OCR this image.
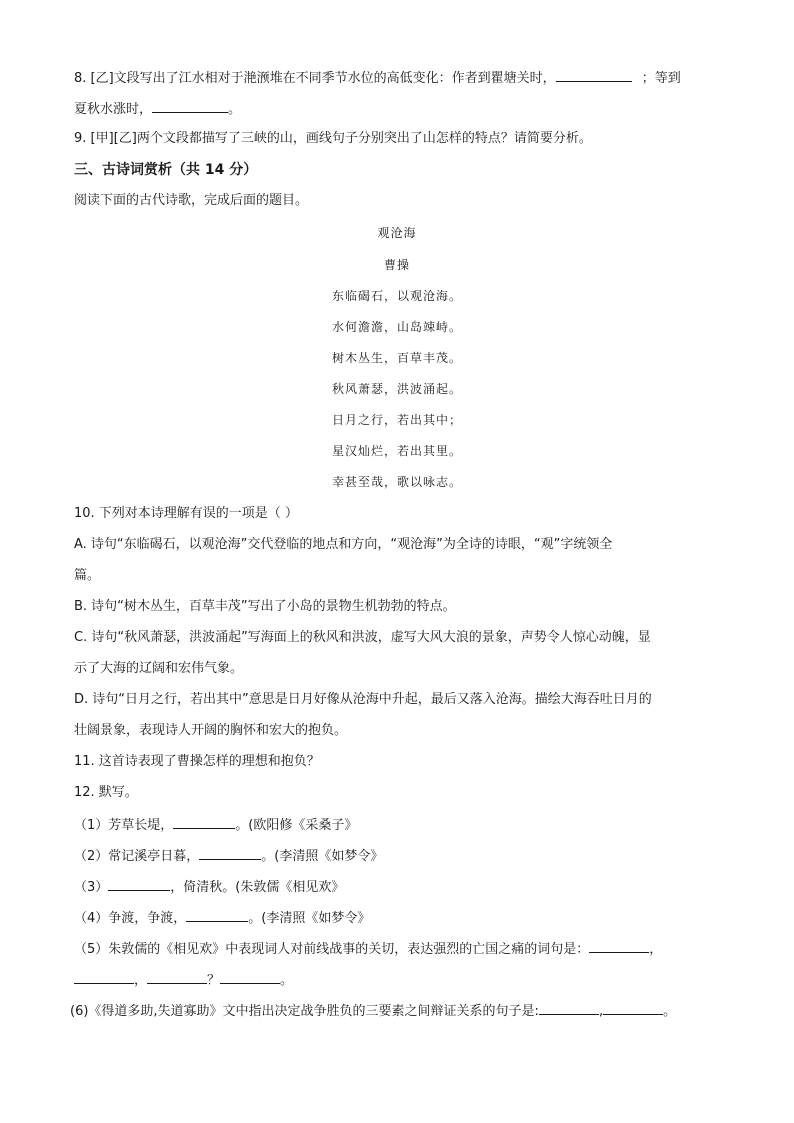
8. [乙]文段写出了江水相对于滟滪堆在不同季节水位的高低变化：作者到瞿塘关时，	；等到
夏秋水涨时，	。
9. [甲][乙]两个文段都描写了三峡的山，画线句子分别突出了山怎样的特点？请简要分析。
三、古诗词赏析（共 14 分）
阅读下面的古代诗歌，完成后面的题目。
观沧海
曹操
东临碣石，以观沧海。
水何澹澹，山岛竦峙。
树木丛生，百草丰茂。
秋风萧瑟，洪波涌起。
日月之行，若出其中；
星汉灿烂，若出其里。
幸甚至哉，歌以咏志。
10. 下列对本诗理解有误的一项是（ ）
A. 诗句“东临碣石，以观沧海”交代登临的地点和方向，“观沧海”为全诗的诗眼，“观”字统领全
篇。
B. 诗句“树木丛生，百草丰茂”写出了小岛的景物生机勃勃的特点。
C. 诗句“秋风萧瑟，洪波涌起”写海面上的秋风和洪波，虚写大风大浪的景象，声势令人惊心动魄，显
示了大海的辽阔和宏伟气象。
D. 诗句“日月之行，若出其中”意思是日月好像从沧海中升起，最后又落入沧海。描绘大海吞吐日月的
壮阔景象，表现诗人开阔的胸怀和宏大的抱负。
11. 这首诗表现了曹操怎样的理想和抱负？
12. 默写。
（1）芳草长堤，	。(欧阳修《采桑子》
（2）常记溪亭日暮，	。(李清照《如梦令》
（3）	，倚清秋。(朱敦儒《相见欢》
（4）争渡，争渡，	。(李清照《如梦令》
（5）朱敦儒的《相见欢》中表现词人对前线战事的关切，表达强烈的亡国之痛的词句是：	，
，	？	。
(6)《得道多助,失道寡助》文中指出决定战争胜负的三要素之间辩证关系的句子是:	,	。
